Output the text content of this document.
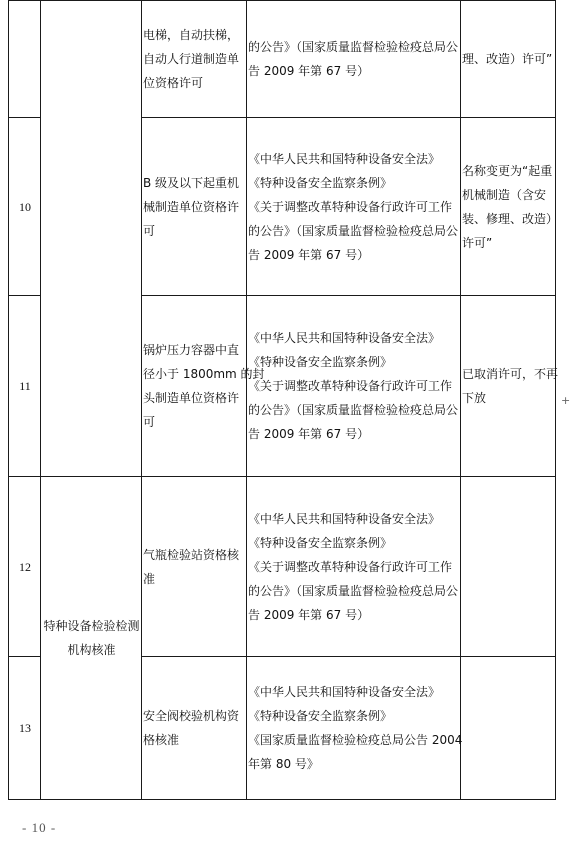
		电梯，自动扶梯，
自动人行道制造单
位资格许可	的公告》（国家质量监督检验检疫总局公
告 2009 年第 67 号）	理、改造）许可”

10		B 级及以下起重机
械制造单位资格许
可	《中华人民共和国特种设备安全法》
《特种设备安全监察条例》
《关于调整改革特种设备行政许可工作
的公告》（国家质量监督检验检疫总局公
告 2009 年第 67 号）	名称变更为“起重
机械制造（含安
装、修理、改造）
许可”

11		锅炉压力容器中直
径小于 1800mm 的封
头制造单位资格许
可	《中华人民共和国特种设备安全法》
《特种设备安全监察条例》
《关于调整改革特种设备行政许可工作
的公告》（国家质量监督检验检疫总局公
告 2009 年第 67 号）	已取消许可，不再
下放

12	特种设备检验检测
机构核准	气瓶检验站资格核
准	《中华人民共和国特种设备安全法》
《特种设备安全监察条例》
《关于调整改革特种设备行政许可工作
的公告》（国家质量监督检验检疫总局公
告 2009 年第 67 号）	

13		安全阀校验机构资
格核准	《中华人民共和国特种设备安全法》
《特种设备安全监察条例》
《国家质量监督检验检疫总局公告 2004
年第 80 号》	

+
- 10 -
